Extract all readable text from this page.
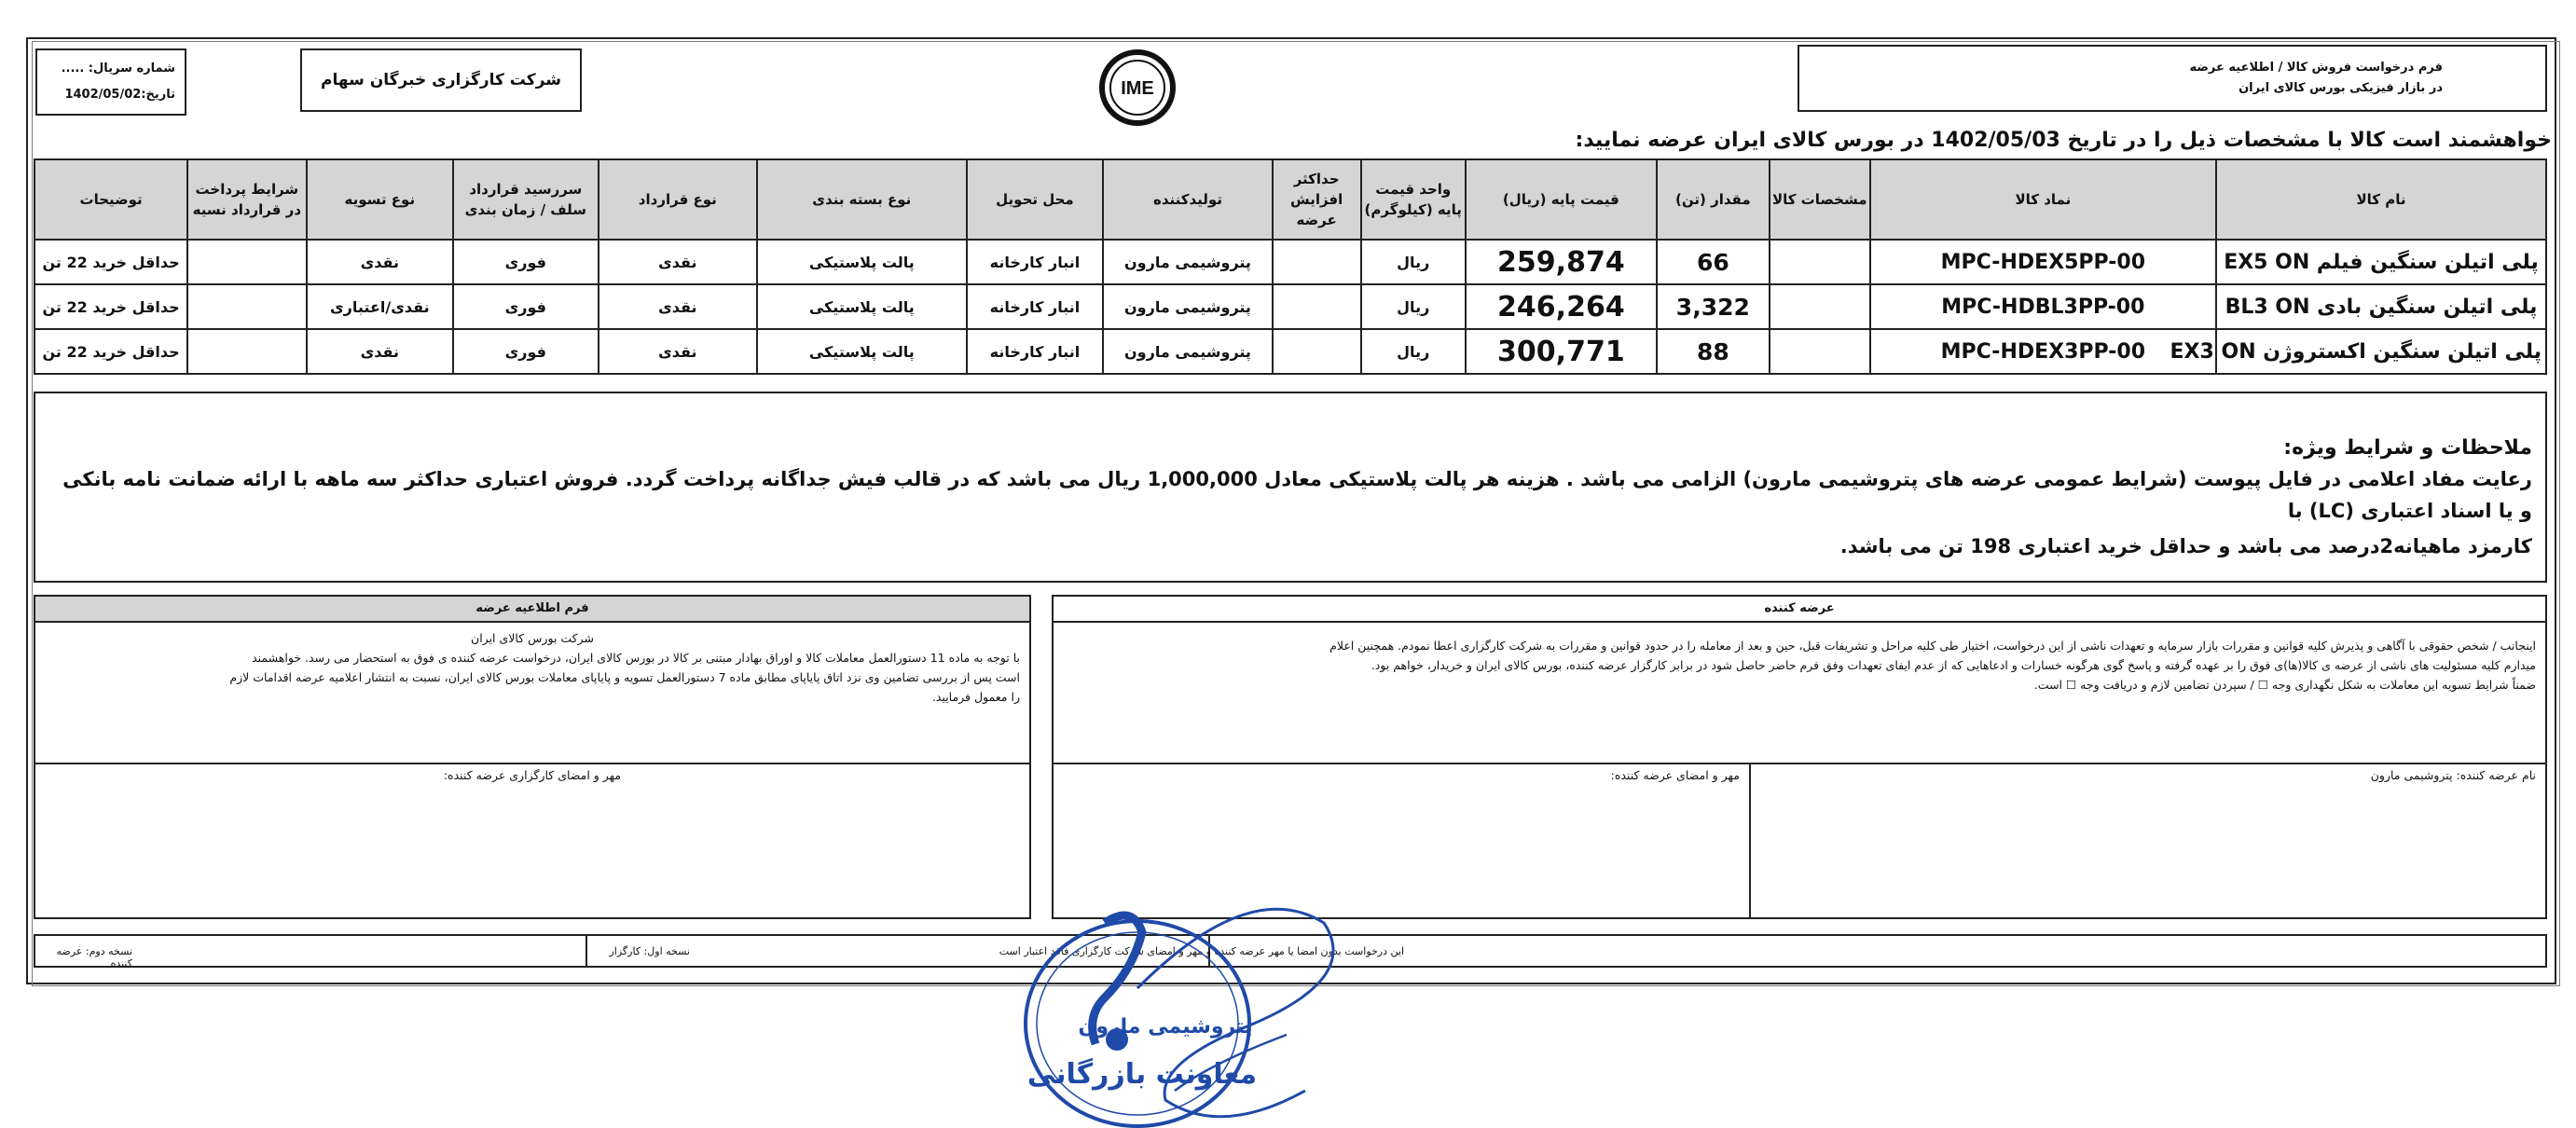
شماره سریال: .....
تاریخ:1402/05/02
شرکت کارگزاری خبرگان سهام	IME
فرم درخواست فروش کالا / اطلاعیه عرضه
در بازار فیزیکی بورس کالای ایران
خواهشمند است کالا با مشخصات ذیل را در تاریخ 1402/05/03 در بورس کالای ایران عرضه نمایید:
نام کالا	نماد کالا	مشخصات کالا	مقدار (تن)	قیمت پایه (ریال)	واحد قیمت پایه (کیلوگرم)	حداکثر افزایش عرضه	تولیدکننده	محل تحویل	نوع بسته بندی	نوع قرارداد	سررسید قرارداد سلف / زمان بندی	نوع تسویه	شرایط پرداخت در قرارداد نسیه	توضیحات
پلی اتیلن سنگین فیلم EX5 ON	MPC-HDEX5PP-00		66	259,874	ریال		پتروشیمی مارون	انبار کارخانه	پالت پلاستیکی	نقدی	فوری	نقدی		حداقل خرید 22 تن
پلی اتیلن سنگین بادی BL3 ON	MPC-HDBL3PP-00		3,322	246,264	ریال		پتروشیمی مارون	انبار کارخانه	پالت پلاستیکی	نقدی	فوری	نقدی/اعتباری		حداقل خرید 22 تن
پلی اتیلن سنگین اکستروژن EX3 ON	MPC-HDEX3PP-00		88	300,771	ریال		پتروشیمی مارون	انبار کارخانه	پالت پلاستیکی	نقدی	فوری	نقدی		حداقل خرید 22 تن
ملاحظات و شرایط ویژه:
رعایت مفاد اعلامی در فایل پیوست (شرایط عمومی عرضه های پتروشیمی مارون) الزامی می باشد . هزینه هر پالت پلاستیکی معادل 1,000,000 ریال می باشد که در قالب فیش جداگانه پرداخت گردد. فروش اعتباری حداکثر سه ماهه با ارائه ضمانت نامه بانکی و یا اسناد اعتباری (LC) با
کارمزد ماهیانه2درصد می باشد و حداقل خرید اعتباری 198 تن می باشد.
عرضه کننده
اینجانب / شخص حقوقی با آگاهی و پذیرش کلیه قوانین و مقررات بازار سرمایه و تعهدات ناشی از این درخواست، اختیار طی کلیه مراحل و تشریفات قبل، حین و بعد از معامله را در حدود قوانین و مقررات به شرکت کارگزاری اعطا نمودم. همچنین اعلام
میدارم کلیه مسئولیت های ناشی از عرضه ی کالا(ها)ی فوق را بر عهده گرفته و پاسخ گوی هرگونه خسارات و ادعاهایی که از عدم ایفای تعهدات وفق فرم حاضر حاصل شود در برابر کارگزار عرضه کننده، بورس کالای ایران و خریدار، خواهم بود.
ضمناً شرایط تسویه این معاملات به شکل نگهداری وجه ☐ / سپردن تضامین لازم و دریافت وجه ☐ است.
نام عرضه کننده: پتروشیمی مارون
مهر و امضای عرضه کننده:
فرم اطلاعیه عرضه
شرکت بورس کالای ایران
با توجه به ماده 11 دستورالعمل معاملات کالا و اوراق بهادار مبتنی بر کالا در بورس کالای ایران، درخواست عرضه کننده ی فوق به استحضار می رسد. خواهشمند
است پس از بررسی تضامین وی نزد اتاق پایاپای مطابق ماده 7 دستورالعمل تسویه و پایاپای معاملات بورس کالای ایران، نسبت به انتشار اعلامیه عرضه اقدامات لازم
را معمول فرمایید.
مهر و امضای کارگزاری عرضه کننده:
این درخواست بدون امضا یا مهر عرضه کننده و مهر و امضای شرکت کارگزاری فاقد اعتبار است
نسخه اول: کارگزار
نسخه دوم: عرضه کننده
پتروشیمی مارون
معاونت بازرگانی
